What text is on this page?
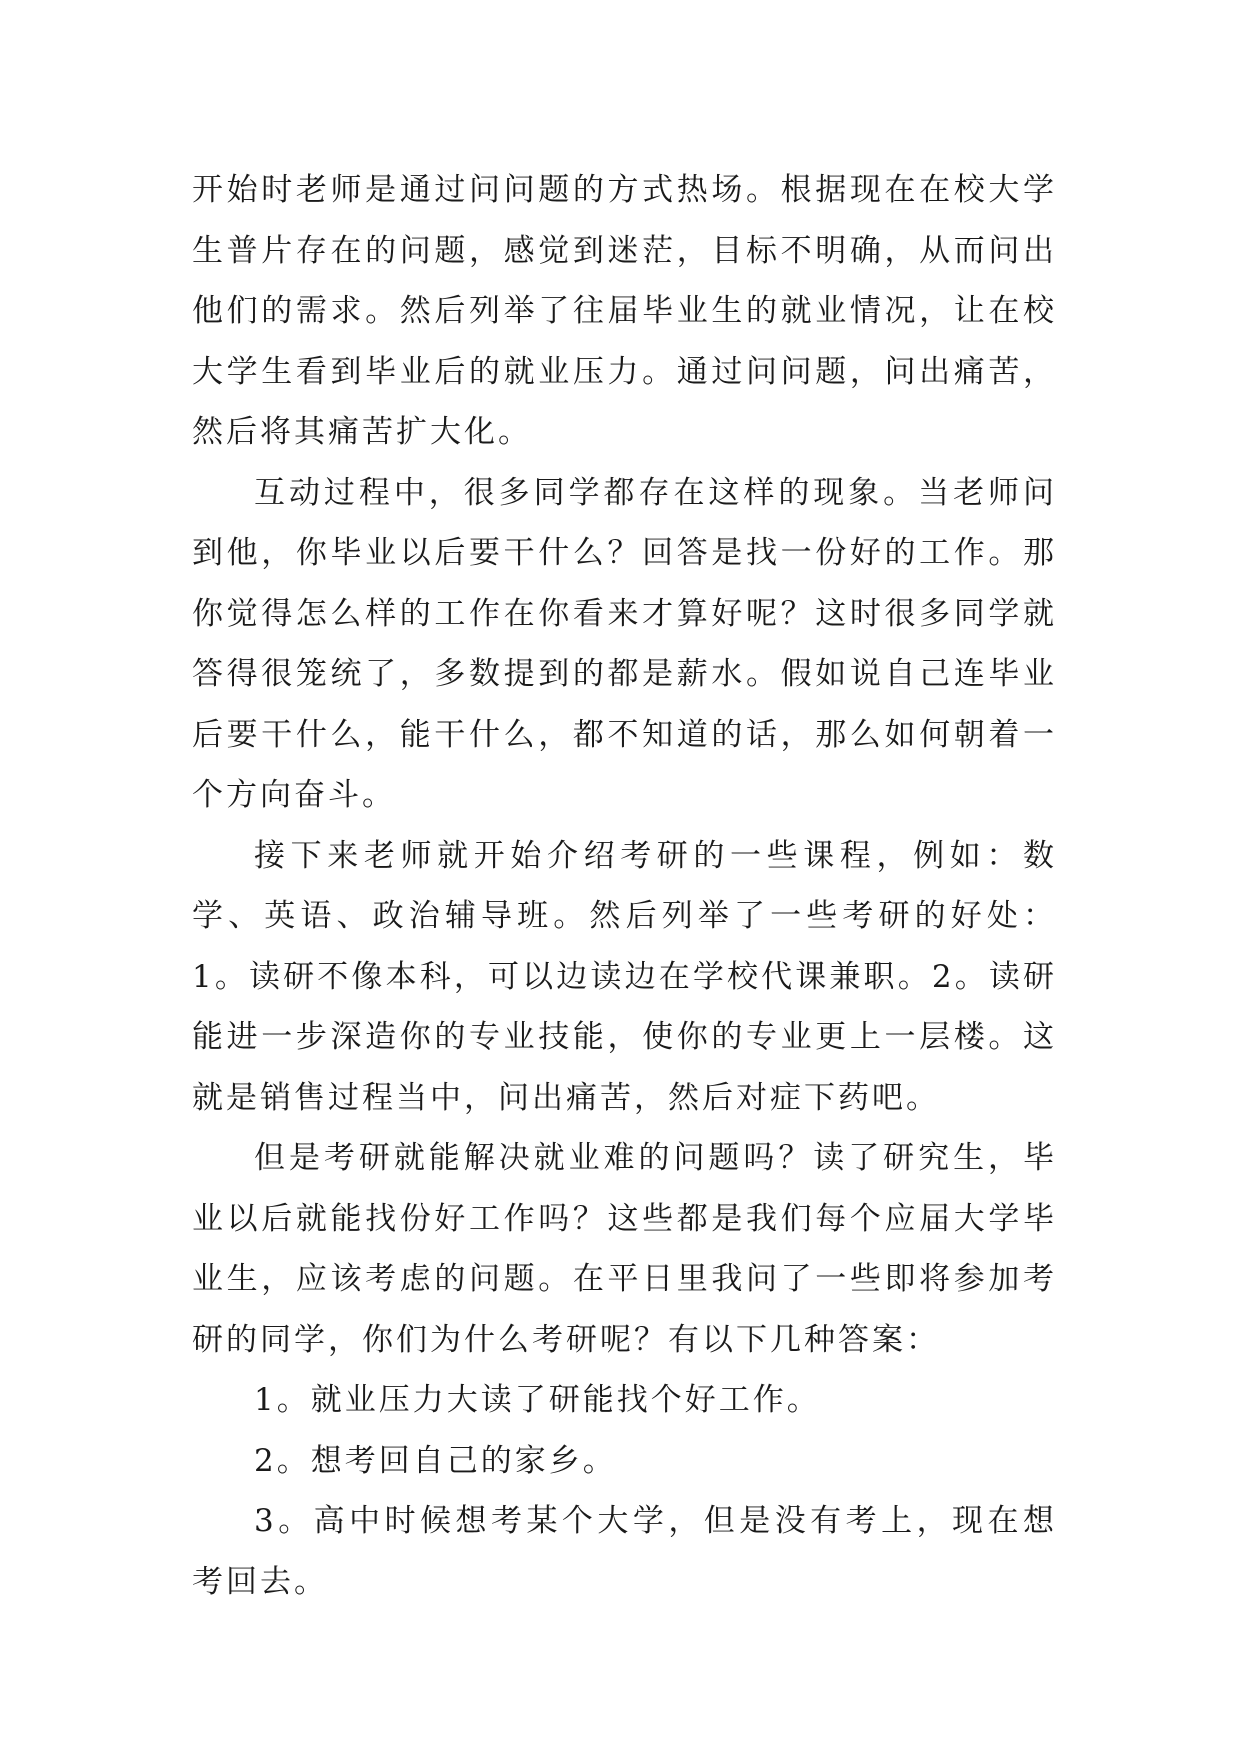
开始时老师是通过问问题的方式热场。根据现在在校大学生普片存在的问题，感觉到迷茫，目标不明确，从而问出他们的需求。然后列举了往届毕业生的就业情况，让在校大学生看到毕业后的就业压力。通过问问题，问出痛苦，然后将其痛苦扩大化。

互动过程中，很多同学都存在这样的现象。当老师问到他，你毕业以后要干什么？回答是找一份好的工作。那你觉得怎么样的工作在你看来才算好呢？这时很多同学就答得很笼统了，多数提到的都是薪水。假如说自己连毕业后要干什么，能干什么，都不知道的话，那么如何朝着一个方向奋斗。

接下来老师就开始介绍考研的一些课程，例如：数学、英语、政治辅导班。然后列举了一些考研的好处：1。读研不像本科，可以边读边在学校代课兼职。2。读研能进一步深造你的专业技能，使你的专业更上一层楼。这就是销售过程当中，问出痛苦，然后对症下药吧。

但是考研就能解决就业难的问题吗？读了研究生，毕业以后就能找份好工作吗？这些都是我们每个应届大学毕业生，应该考虑的问题。在平日里我问了一些即将参加考研的同学，你们为什么考研呢？有以下几种答案：

1。就业压力大读了研能找个好工作。

2。想考回自己的家乡。

3。高中时候想考某个大学，但是没有考上，现在想考回去。
